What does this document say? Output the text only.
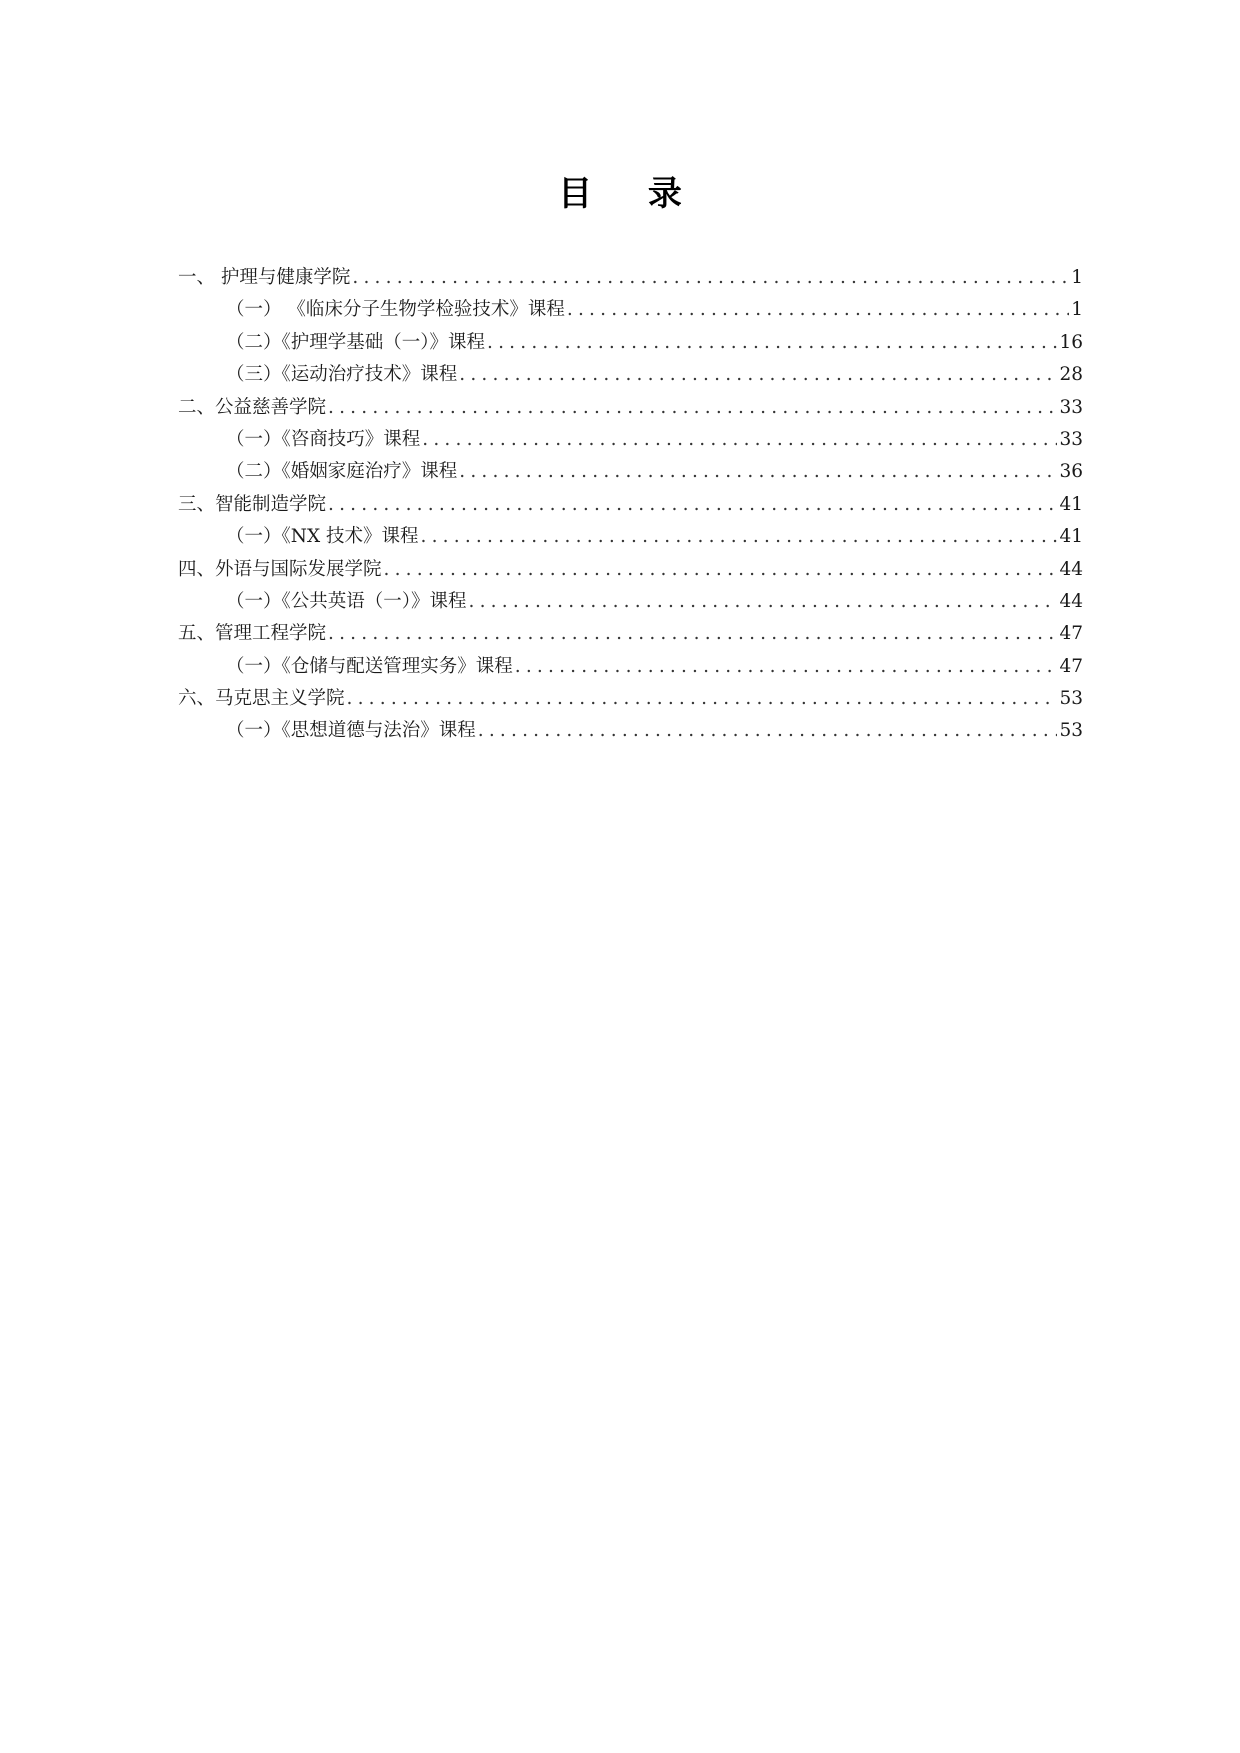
目 录
一、 护理与健康学院 .....	1
（一） 《临床分子生物学检验技术》课程 .....	1
（二）《护理学基础（一）》课程 .....	16
（三）《运动治疗技术》课程 .....	28
二、公益慈善学院 .....	33
（一）《咨商技巧》课程 .....	33
（二）《婚姻家庭治疗》课程 .....	36
三、智能制造学院 .....	41
（一）《NX 技术》课程 .....	41
四、外语与国际发展学院 .....	44
（一）《公共英语（一）》课程 .....	44
五、管理工程学院 .....	47
（一）《仓储与配送管理实务》课程 .....	47
六、马克思主义学院 .....	53
（一）《思想道德与法治》课程 .....	53
